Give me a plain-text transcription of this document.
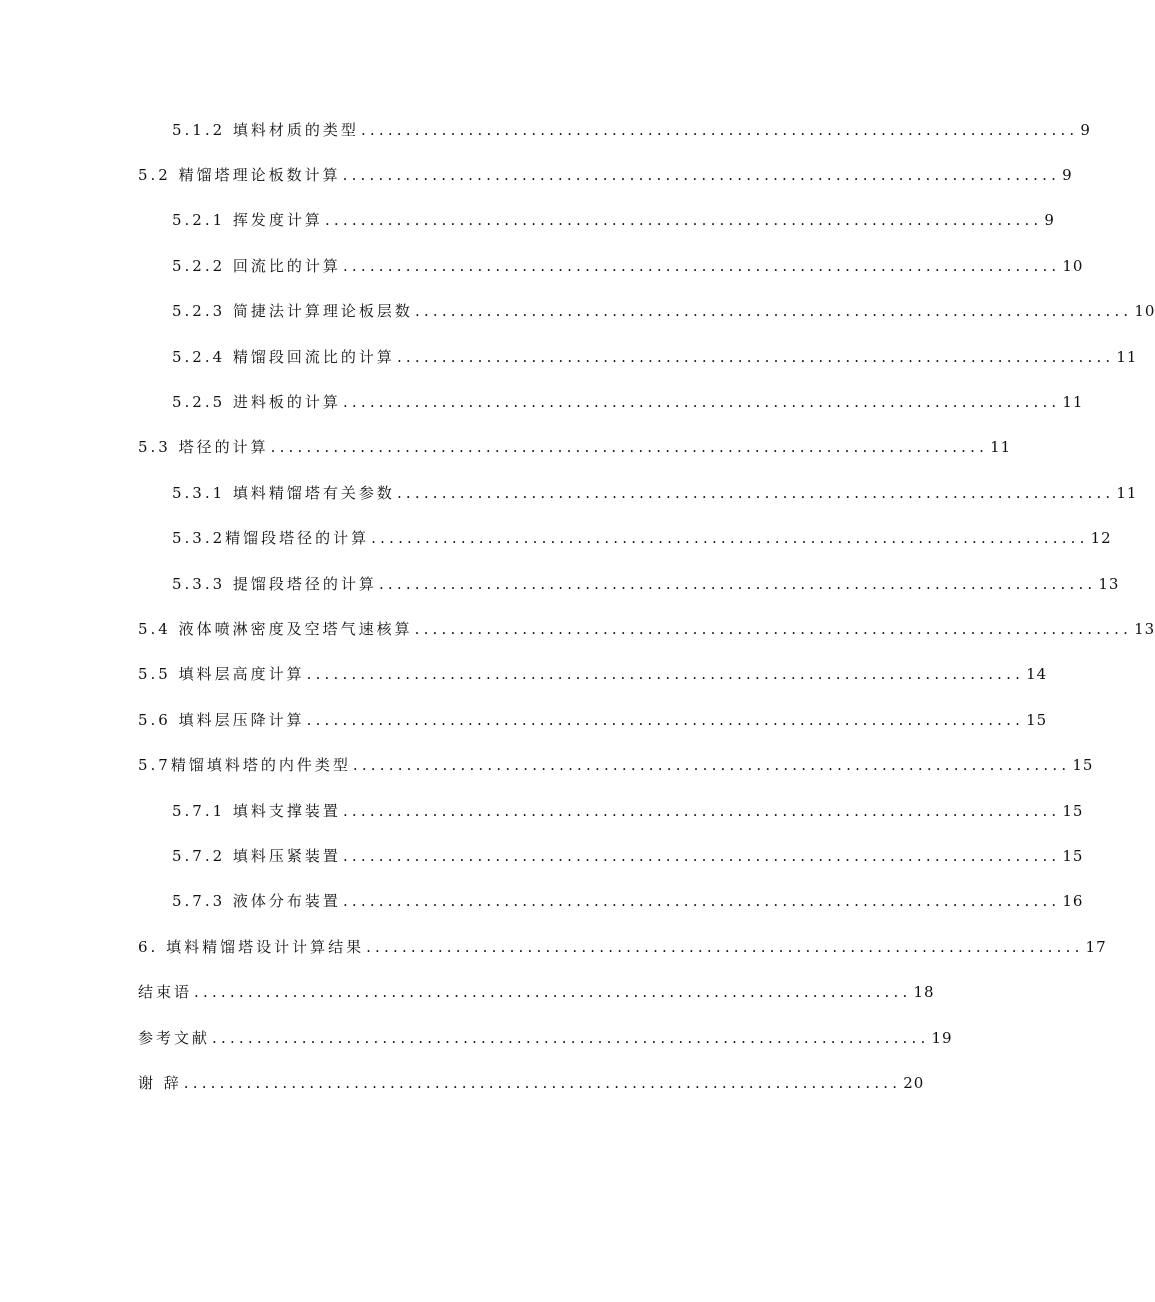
5.1.2 填料材质的类型 ................................................................................ 9
5.2 精馏塔理论板数计算 ................................................................................ 9
5.2.1 挥发度计算 ................................................................................ 9
5.2.2 回流比的计算 ................................................................................ 10
5.2.3 简捷法计算理论板层数 ................................................................................ 10
5.2.4 精馏段回流比的计算 ................................................................................ 11
5.2.5 进料板的计算 ................................................................................ 11
5.3 塔径的计算 ................................................................................ 11
5.3.1 填料精馏塔有关参数 ................................................................................ 11
5.3.2精馏段塔径的计算 ................................................................................ 12
5.3.3 提馏段塔径的计算 ................................................................................ 13
5.4 液体喷淋密度及空塔气速核算 ................................................................................ 13
5.5 填料层高度计算 ................................................................................ 14
5.6 填料层压降计算 ................................................................................ 15
5.7精馏填料塔的内件类型 ................................................................................ 15
5.7.1 填料支撑装置 ................................................................................ 15
5.7.2 填料压紧装置 ................................................................................ 15
5.7.3 液体分布装置 ................................................................................ 16
6. 填料精馏塔设计计算结果 ................................................................................ 17
结束语 ................................................................................ 18
参考文献 ................................................................................ 19
谢 辞 ................................................................................ 20
